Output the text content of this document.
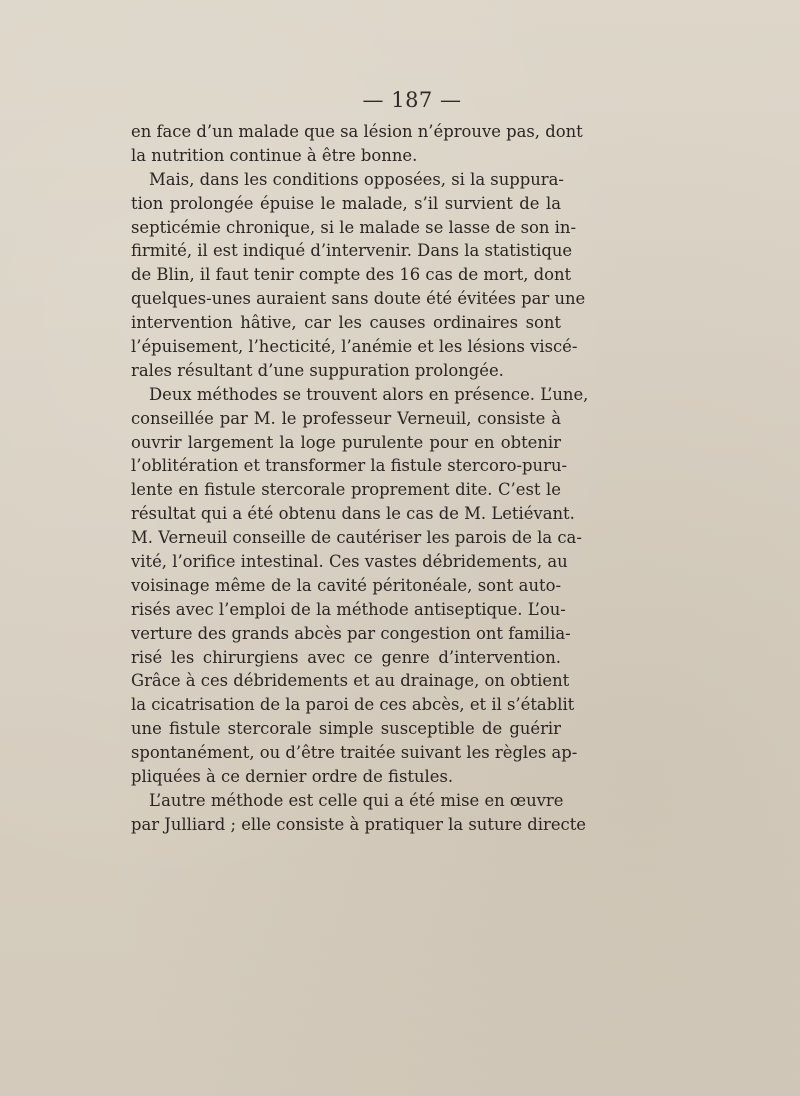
— 187 —
en face d’un malade que sa lésion n’éprouve pas, dont
la nutrition continue à être bonne.
Mais, dans les conditions opposées, si la suppura-
tion prolongée épuise le malade, s’il survient de la
septicémie chronique, si le malade se lasse de son in-
firmité, il est indiqué d’intervenir. Dans la statistique
de Blin, il faut tenir compte des 16 cas de mort, dont
quelques-unes auraient sans doute été évitées par une
intervention hâtive, car les causes ordinaires sont
l’épuisement, l’hecticité, l’anémie et les lésions viscé-
rales résultant d’une suppuration prolongée.
Deux méthodes se trouvent alors en présence. L’une,
conseillée par M. le professeur Verneuil, consiste à
ouvrir largement la loge purulente pour en obtenir
l’oblitération et transformer la fistule stercoro-puru-
lente en fistule stercorale proprement dite. C’est le
résultat qui a été obtenu dans le cas de M. Letiévant.
M. Verneuil conseille de cautériser les parois de la ca-
vité, l’orifice intestinal. Ces vastes débridements, au
voisinage même de la cavité péritonéale, sont auto-
risés avec l’emploi de la méthode antiseptique. L’ou-
verture des grands abcès par congestion ont familia-
risé les chirurgiens avec ce genre d’intervention.
Grâce à ces débridements et au drainage, on obtient
la cicatrisation de la paroi de ces abcès, et il s’établit
une fistule stercorale simple susceptible de guérir
spontanément, ou d’être traitée suivant les règles ap-
pliquées à ce dernier ordre de fistules.
L’autre méthode est celle qui a été mise en œuvre
par Julliard ; elle consiste à pratiquer la suture directe
